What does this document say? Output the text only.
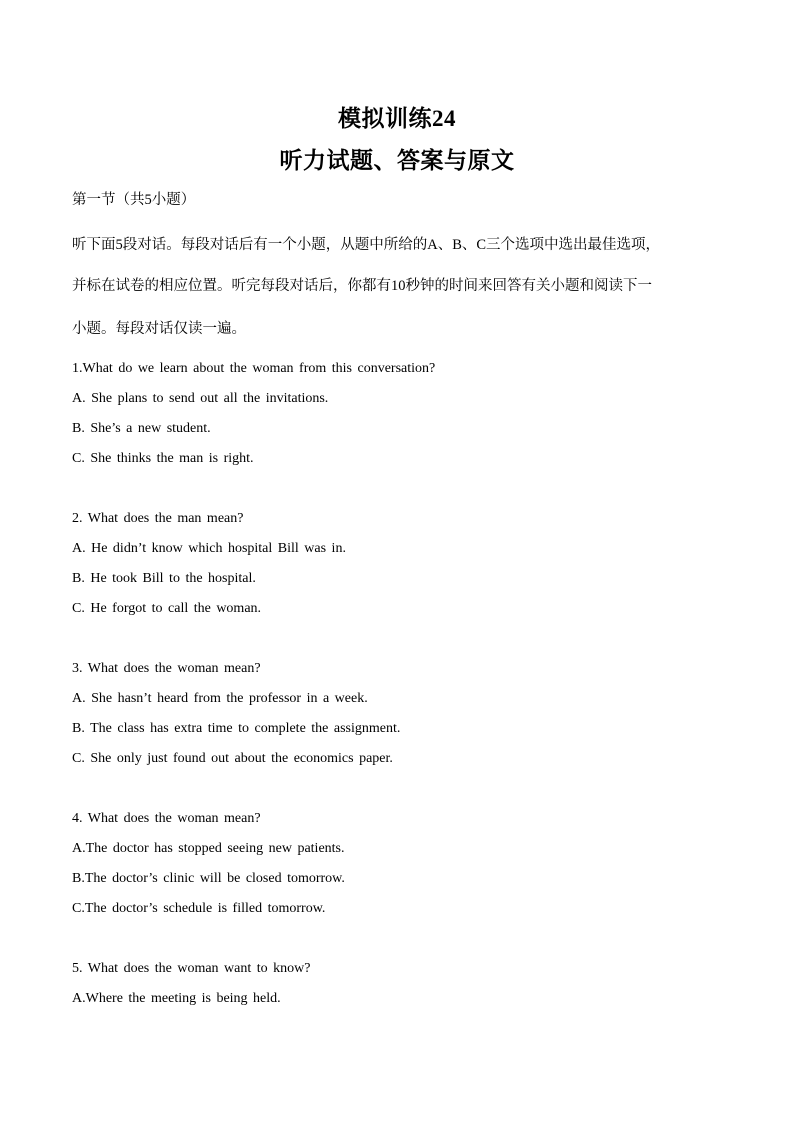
模拟训练24
听力试题、答案与原文
第一节（共5小题）
听下面5段对话。每段对话后有一个小题，从题中所给的A、B、C三个选项中选出最佳选项，
并标在试卷的相应位置。听完每段对话后，你都有10秒钟的时间来回答有关小题和阅读下一
小题。每段对话仅读一遍。
1.What do we learn about the woman from this conversation?
A. She plans to send out all the invitations.
B. She’s a new student.
C. She thinks the man is right.
2. What does the man mean?
A. He didn’t know which hospital Bill was in.
B. He took Bill to the hospital.
C. He forgot to call the woman.
3. What does the woman mean?
A. She hasn’t heard from the professor in a week.
B. The class has extra time to complete the assignment.
C. She only just found out about the economics paper.
4. What does the woman mean?
A.The doctor has stopped seeing new patients.
B.The doctor’s clinic will be closed tomorrow.
C.The doctor’s schedule is filled tomorrow.
5. What does the woman want to know?
A.Where the meeting is being held.
